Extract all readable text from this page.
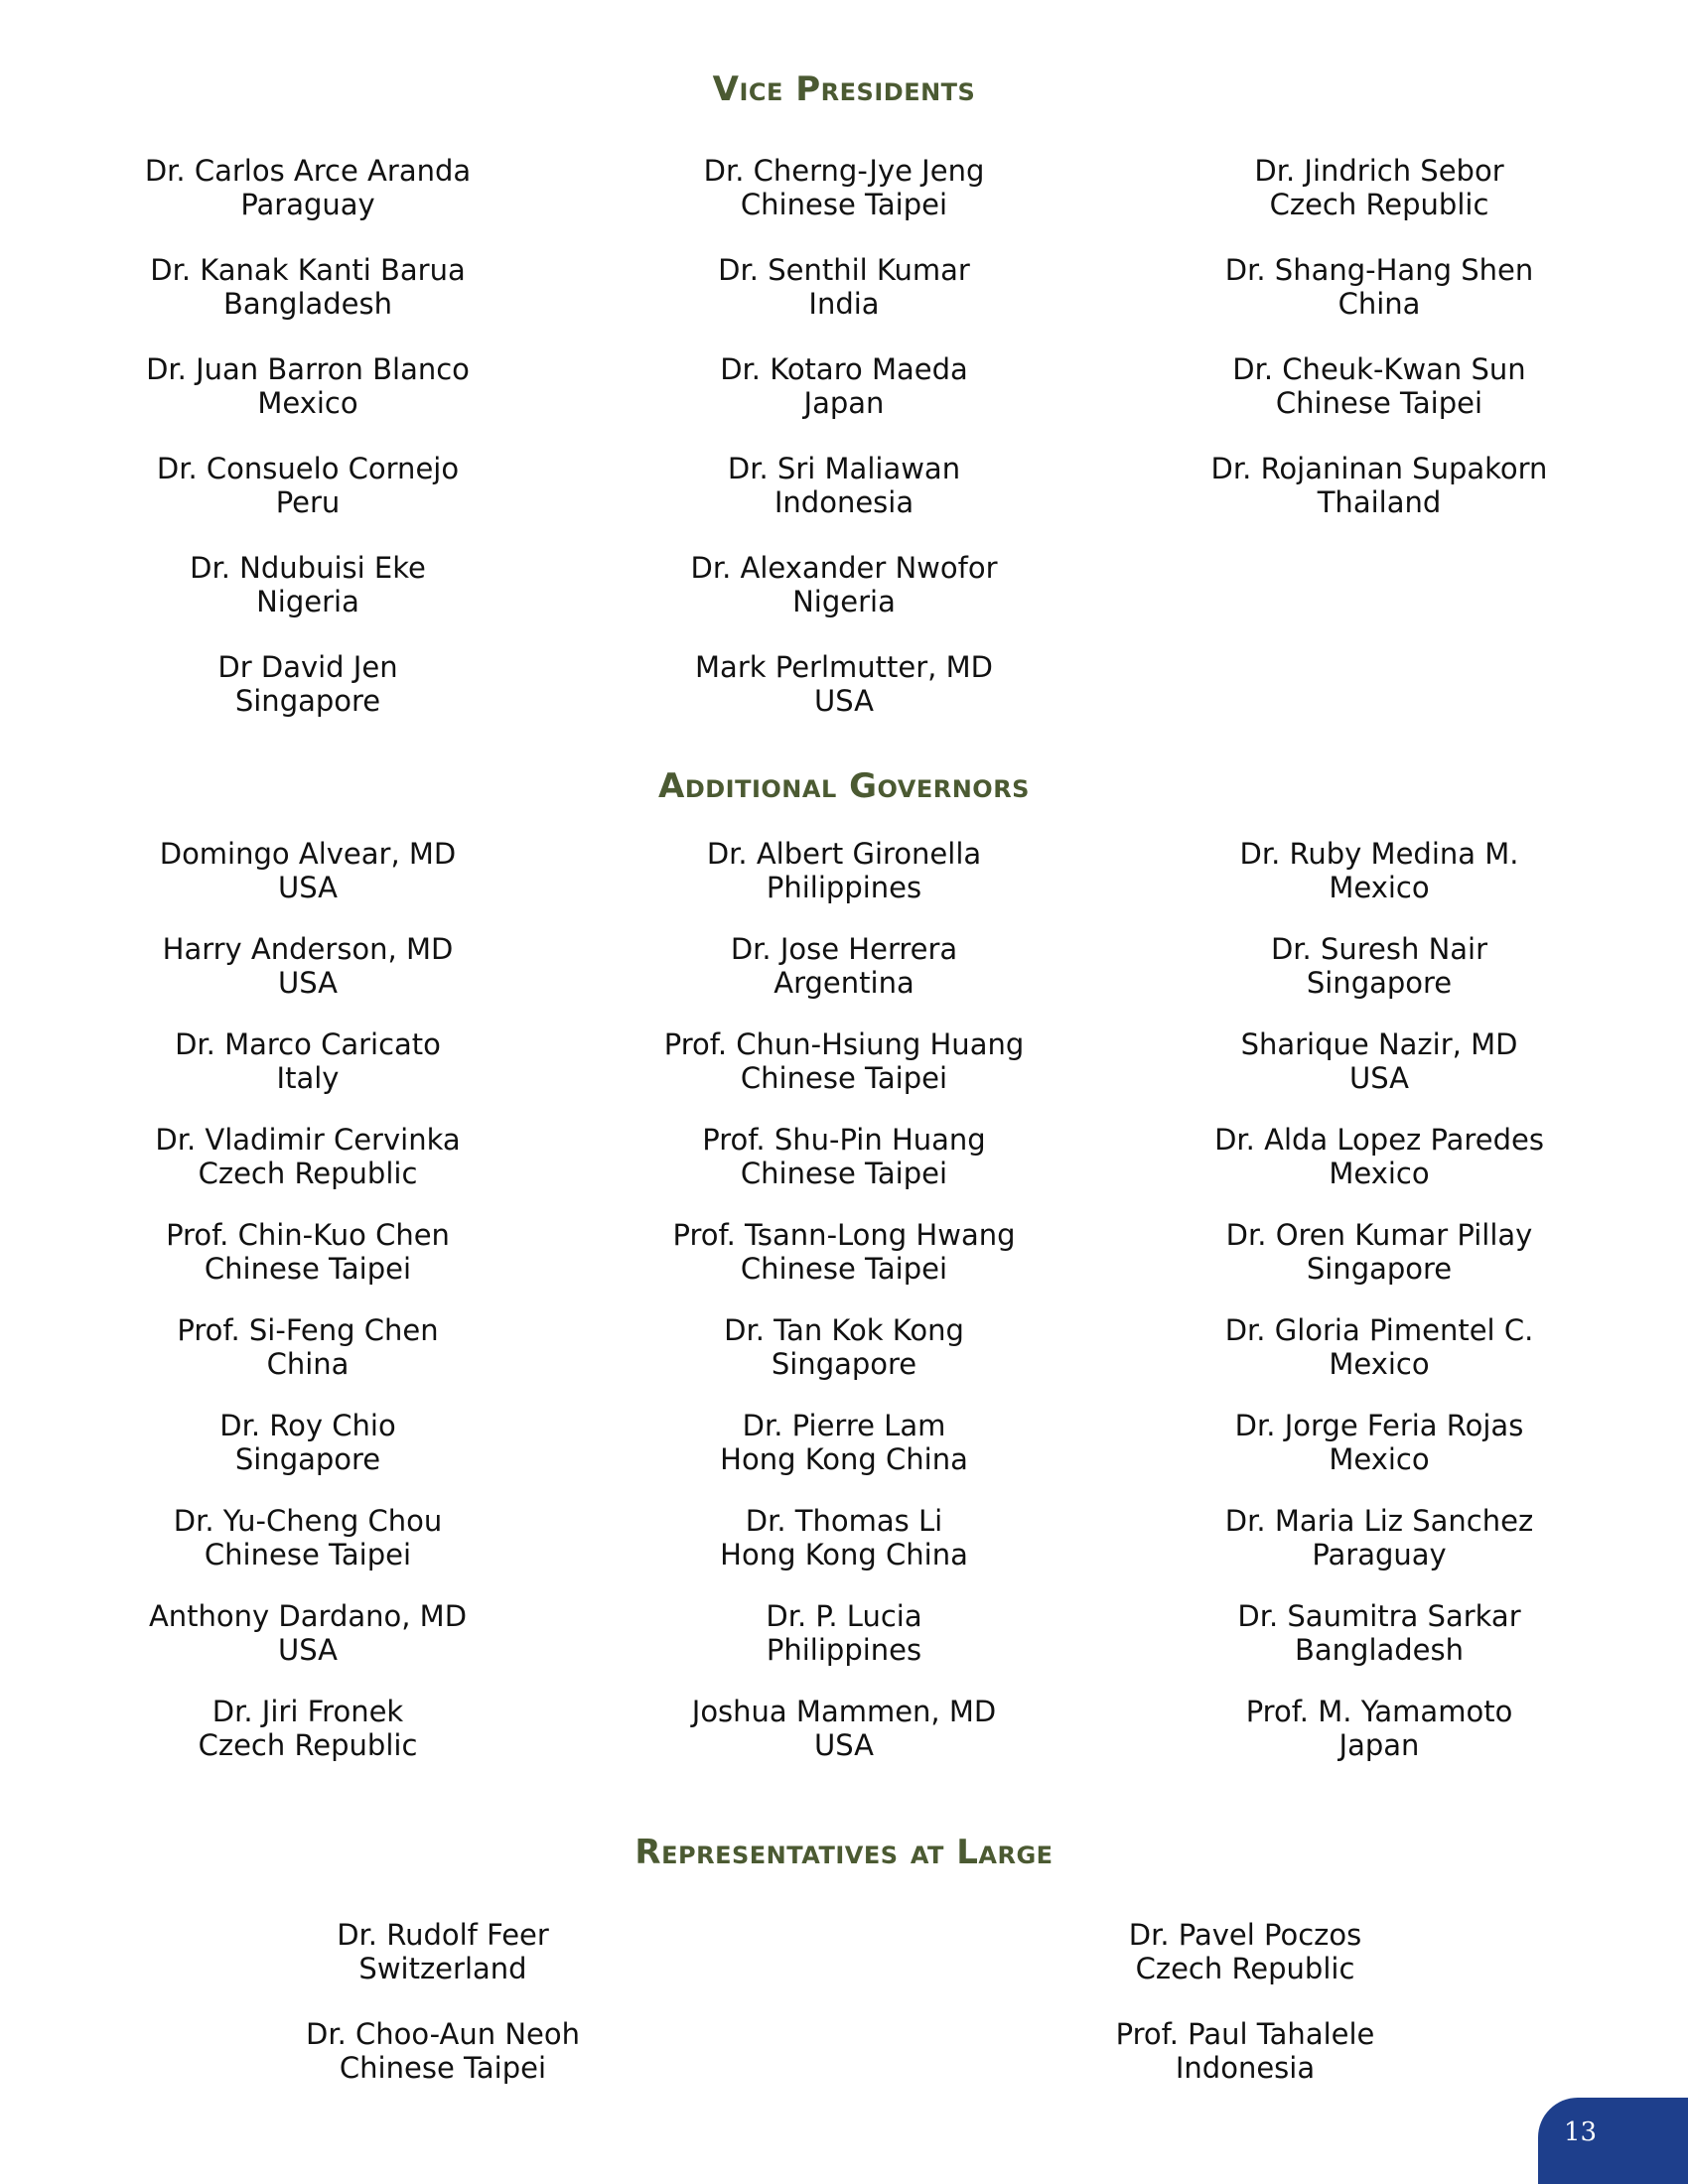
Vice Presidents
Dr. Carlos Arce Aranda
Paraguay
Dr. Kanak Kanti Barua
Bangladesh
Dr. Juan Barron Blanco
Mexico
Dr. Consuelo Cornejo
Peru
Dr. Ndubuisi Eke
Nigeria
Dr David Jen
Singapore
Dr. Cherng-Jye Jeng
Chinese Taipei
Dr. Senthil Kumar
India
Dr. Kotaro Maeda
Japan
Dr. Sri Maliawan
Indonesia
Dr. Alexander Nwofor
Nigeria
Mark Perlmutter, MD
USA
Dr. Jindrich Sebor
Czech Republic
Dr. Shang-Hang Shen
China
Dr. Cheuk-Kwan Sun
Chinese Taipei
Dr. Rojaninan Supakorn
Thailand
Additional Governors
Domingo Alvear, MD
USA
Harry Anderson, MD
USA
Dr. Marco Caricato
Italy
Dr. Vladimir Cervinka
Czech Republic
Prof. Chin-Kuo Chen
Chinese Taipei
Prof. Si-Feng Chen
China
Dr. Roy Chio
Singapore
Dr. Yu-Cheng Chou
Chinese Taipei
Anthony Dardano, MD
USA
Dr. Jiri Fronek
Czech Republic
Dr. Albert Gironella
Philippines
Dr. Jose Herrera
Argentina
Prof. Chun-Hsiung Huang
Chinese Taipei
Prof. Shu-Pin Huang
Chinese Taipei
Prof. Tsann-Long Hwang
Chinese Taipei
Dr. Tan Kok Kong
Singapore
Dr. Pierre Lam
Hong Kong China
Dr. Thomas Li
Hong Kong China
Dr. P. Lucia
Philippines
Joshua Mammen, MD
USA
Dr. Ruby Medina M.
Mexico
Dr. Suresh Nair
Singapore
Sharique Nazir, MD
USA
Dr. Alda Lopez Paredes
Mexico
Dr. Oren Kumar Pillay
Singapore
Dr. Gloria Pimentel C.
Mexico
Dr. Jorge Feria Rojas
Mexico
Dr. Maria Liz Sanchez
Paraguay
Dr. Saumitra Sarkar
Bangladesh
Prof. M. Yamamoto
Japan
Representatives at Large
Dr. Rudolf Feer
Switzerland
Dr. Choo-Aun Neoh
Chinese Taipei
Dr. Pavel Poczos
Czech Republic
Prof. Paul Tahalele
Indonesia
13
